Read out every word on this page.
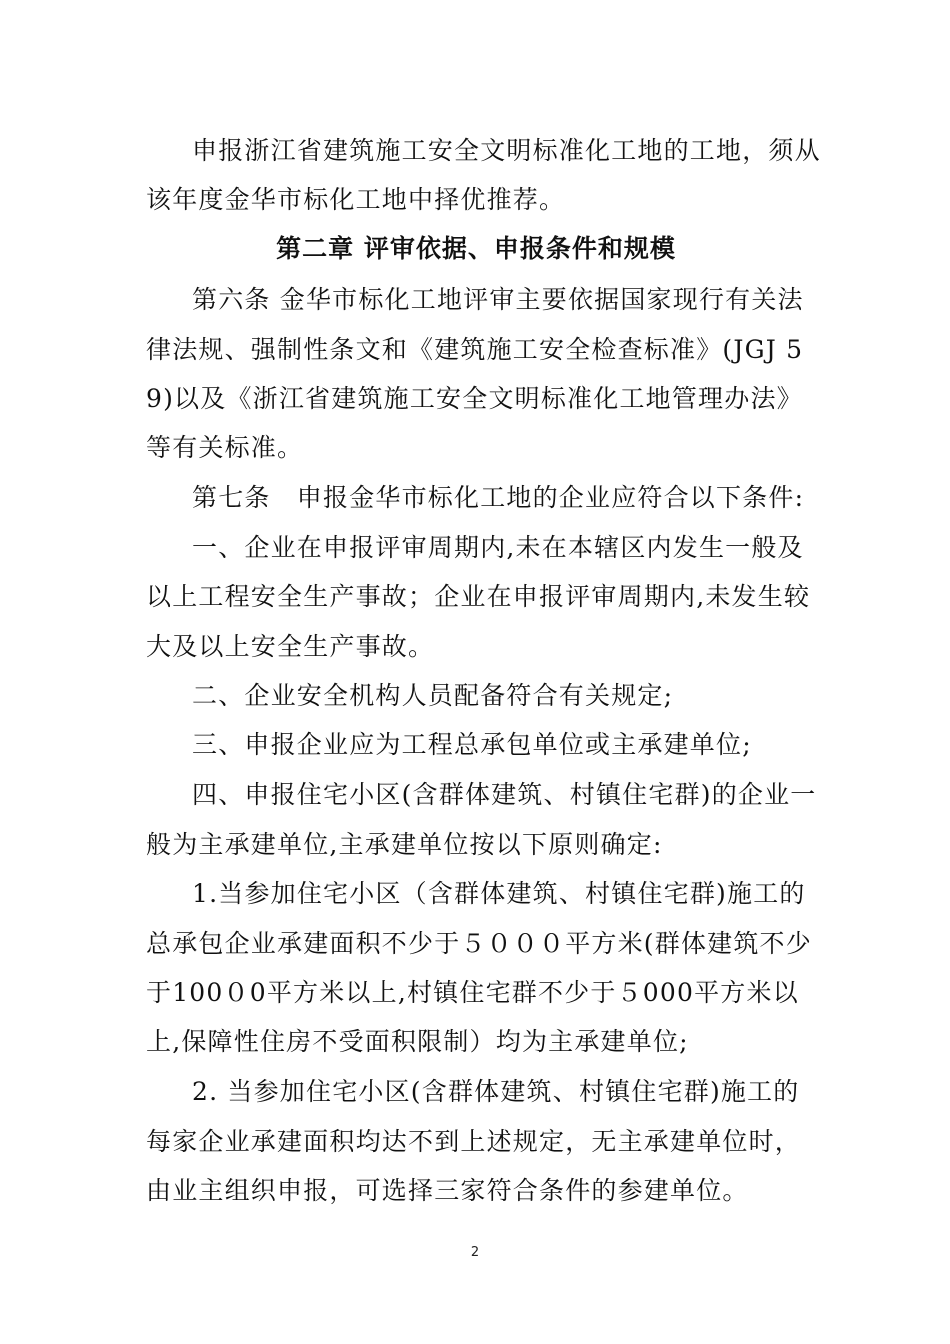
申报浙江省建筑施工安全文明标准化工地的工地，须从
该年度金华市标化工地中择优推荐。
第二章 评审依据、申报条件和规模
第六条 金华市标化工地评审主要依据国家现行有关法
律法规、强制性条文和《建筑施工安全检查标准》(JGJ 5
9)以及《浙江省建筑施工安全文明标准化工地管理办法》
等有关标准。
第七条　申报金华市标化工地的企业应符合以下条件:
一、企业在申报评审周期内,未在本辖区内发生一般及
以上工程安全生产事故；企业在申报评审周期内,未发生较
大及以上安全生产事故。
二、企业安全机构人员配备符合有关规定;
三、申报企业应为工程总承包单位或主承建单位;
四、申报住宅小区(含群体建筑、村镇住宅群)的企业一
般为主承建单位,主承建单位按以下原则确定:
1.当参加住宅小区（含群体建筑、村镇住宅群)施工的
总承包企业承建面积不少于５０００平方米(群体建筑不少
于100０0平方米以上,村镇住宅群不少于５000平方米以
上,保障性住房不受面积限制）均为主承建单位;
2. 当参加住宅小区(含群体建筑、村镇住宅群)施工的
每家企业承建面积均达不到上述规定，无主承建单位时，
由业主组织申报，可选择三家符合条件的参建单位。
2
